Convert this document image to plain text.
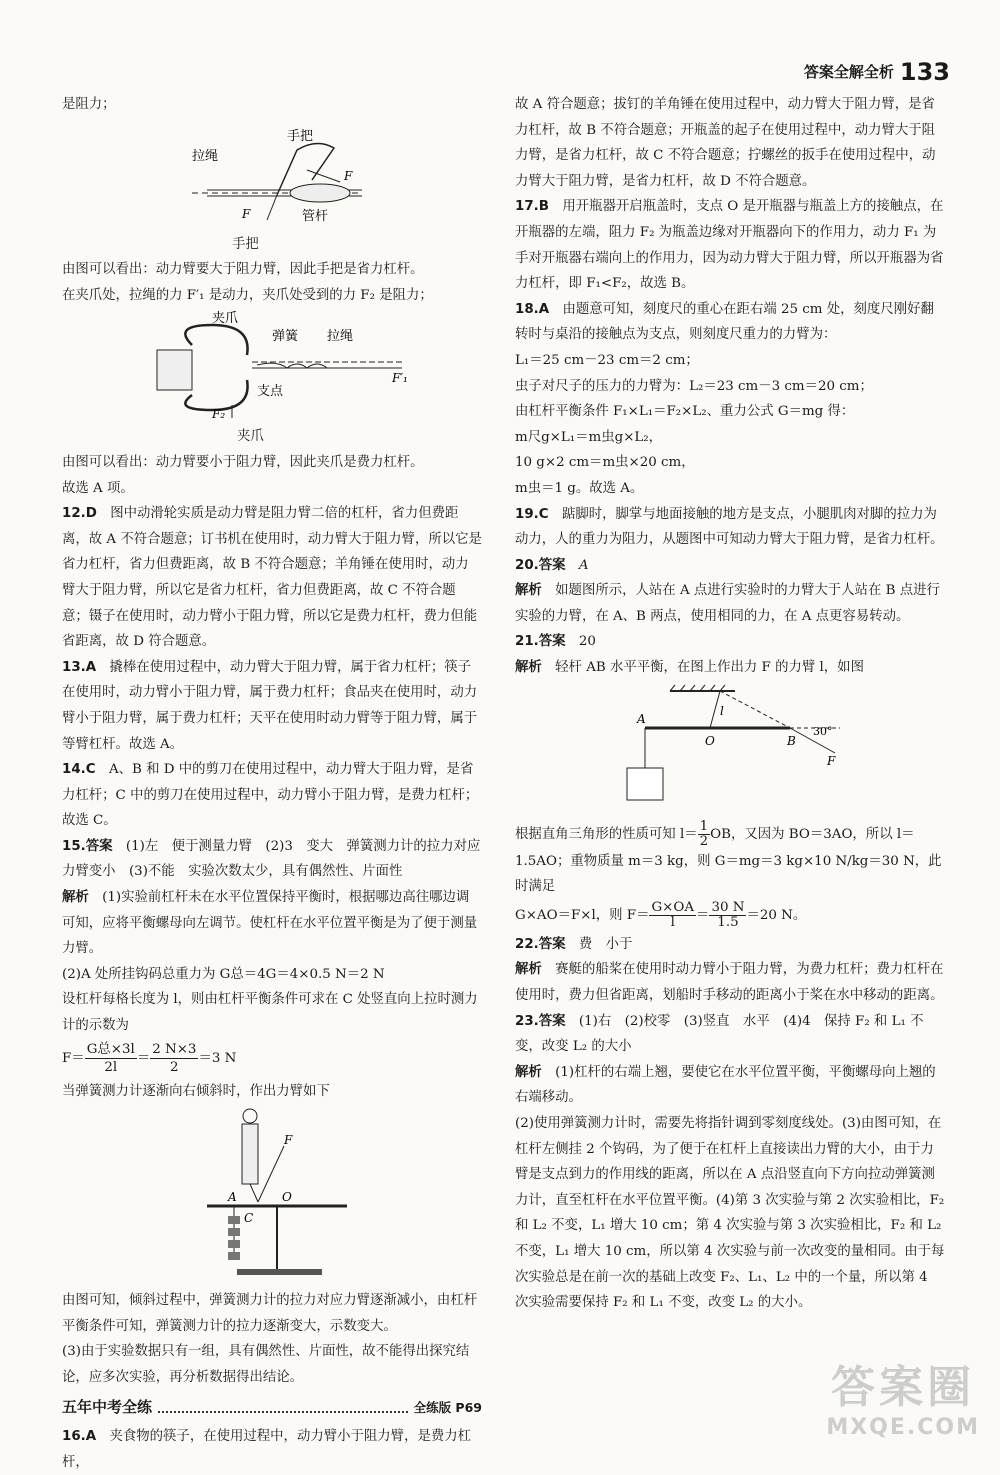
答案全解全析 133

是阻力；

手把
拉绳
F
F	管杆

手把

由图可以看出：动力臂要大于阻力臂，因此手把是省力杠杆。

在夹爪处，拉绳的力 F′₁ 是动力，夹爪处受到的力 F₂ 是阻力；

夹爪
弹簧 拉绳
F′₁
F₂
支点

夹爪

由图可以看出：动力臂要小于阻力臂，因此夹爪是费力杠杆。

故选 A 项。

12.D　 图中动滑轮实质是动力臂是阻力臂二倍的杠杆，省力但费距离，故 A 不符合题意；订书机在使用时，动力臂大于阻力臂，所以它是省力杠杆，省力但费距离，故 B 不符合题意；羊角锤在使用时，动力臂大于阻力臂，所以它是省力杠杆，省力但费距离，故 C 不符合题意；镊子在使用时，动力臂小于阻力臂，所以它是费力杠杆，费力但能省距离，故 D 符合题意。

13.A　 撬棒在使用过程中，动力臂大于阻力臂，属于省力杠杆；筷子在使用时，动力臂小于阻力臂，属于费力杠杆；食品夹在使用时，动力臂小于阻力臂，属于费力杠杆；天平在使用时动力臂等于阻力臂，属于等臂杠杆。故选 A。

14.C　 A、B 和 D 中的剪刀在使用过程中，动力臂大于阻力臂，是省力杠杆；C 中的剪刀在使用过程中，动力臂小于阻力臂，是费力杠杆；故选 C。

15.答案　 (1)左　便于测量力臂　(2)3　变大　弹簧测力计的拉力对应力臂变小　(3)不能　实验次数太少，具有偶然性、片面性

解析　 (1)实验前杠杆未在水平位置保持平衡时，根据哪边高往哪边调可知，应将平衡螺母向左调节。使杠杆在水平位置平衡是为了便于测量力臂。

(2)A 处所挂钩码总重力为 G总＝4G＝4×0.5 N＝2 N

设杠杆每格长度为 l，则由杠杆平衡条件可求在 C 处竖直向上拉时测力计的示数为

F＝
G总×3l
2l
＝ $\frac{2 N\times 3}{2} =3$ N

当弹簧测力计逐渐向右倾斜时，作出力臂如下

F
A	O
C

由图可知，倾斜过程中，弹簧测力计的拉力对应力臂逐渐减小，由杠杆平衡条件可知，弹簧测力计的拉力逐渐变大，示数变大。

(3)由于实验数据只有一组，具有偶然性、片面性，故不能得出探究结论，应多次实验，再分析数据得出结论。

五年中考全练	全练版 P69

16.A　 夹食物的筷子，在使用过程中，动力臂小于阻力臂，是费力杠杆，

故 A 符合题意；拔钉的羊角锤在使用过程中，动力臂大于阻力臂，是省力杠杆，故 B 不符合题意；开瓶盖的起子在使用过程中，动力臂大于阻力臂，是省力杠杆，故 C 不符合题意；拧螺丝的扳手在使用过程中，动力臂大于阻力臂，是省力杠杆，故 D 不符合题意。

17.B　 用开瓶器开启瓶盖时，支点 O 是开瓶器与瓶盖上方的接触点，在开瓶器的左端，阻力 F₂ 为瓶盖边缘对开瓶器向下的作用力，动力 F₁ 为手对开瓶器右端向上的作用力，因为动力臂大于阻力臂，所以开瓶器为省力杠杆，即 F₁<F₂，故选 B。

18.A　 由题意可知，刻度尺的重心在距右端 25 cm 处，刻度尺刚好翻转时与桌沿的接触点为支点，则刻度尺重力的力臂为：

L₁＝25 cm－23 cm＝2 cm；

虫子对尺子的压力的力臂为：L₂＝23 cm－3 cm＝20 cm；

由杠杆平衡条件 F₁×L₁＝F₂×L₂、重力公式 G＝mg 得：

m尺g×L₁＝m虫g×L₂，

10 g×2 cm＝m虫×20 cm，

m虫＝1 g。故选 A。

19.C　 踮脚时，脚掌与地面接触的地方是支点，小腿肌肉对脚的拉力为动力，人的重力为阻力，从题图中可知动力臂大于阻力臂，是省力杠杆。

20.答案　 A

解析　 如题图所示，人站在 A 点进行实验时的力臂大于人站在 B 点进行实验的力臂，在 A、B 两点，使用相同的力，在 A 点更容易转动。

21.答案　 20

解析　 轻杆 AB 水平平衡，在图上作出力 F 的力臂 l，如图

A
O	B
F
l
30°

根据直角三角形的性质可知 $l= \frac{1}{2}$ OB，又因为 BO＝3AO，所以 l＝1.5AO；重物质量 m＝3 kg，则 G＝mg＝3 kg×10 N/kg＝30 N，此时满足

G×AO＝F×l，则 $F= \frac{G\times OA}{l} = \frac{30 N}{1.5} =20$ N。

22.答案　 费　小于

解析　 赛艇的船桨在使用时动力臂小于阻力臂，为费力杠杆；费力杠杆在使用时，费力但省距离，划船时手移动的距离小于桨在水中移动的距离。

23.答案　 (1)右　(2)校零　(3)竖直　水平　(4)4　保持 F₂ 和 L₁ 不变，改变 L₂ 的大小

解析　 (1)杠杆的右端上翘，要使它在水平位置平衡，平衡螺母向上翘的右端移动。

(2)使用弹簧测力计时，需要先将指针调到零刻度线处。(3)由图可知，在杠杆左侧挂 2 个钩码，为了便于在杠杆上直接读出力臂的大小，由于力臂是支点到力的作用线的距离，所以在 A 点沿竖直向下方向拉动弹簧测力计，直至杠杆在水平位置平衡。(4)第 3 次实验与第 2 次实验相比，F₂ 和 L₂ 不变，L₁ 增大 10 cm；第 4 次实验与第 3 次实验相比，F₂ 和 L₂ 不变，L₁ 增大 10 cm，所以第 4 次实验与前一次改变的量相同。由于每次实验总是在前一次的基础上改变 F₂、L₁、L₂ 中的一个量，所以第 4 次实验需要保持 F₂ 和 L₁ 不变，改变 L₂ 的大小。

答案圈
MXQE.COM
